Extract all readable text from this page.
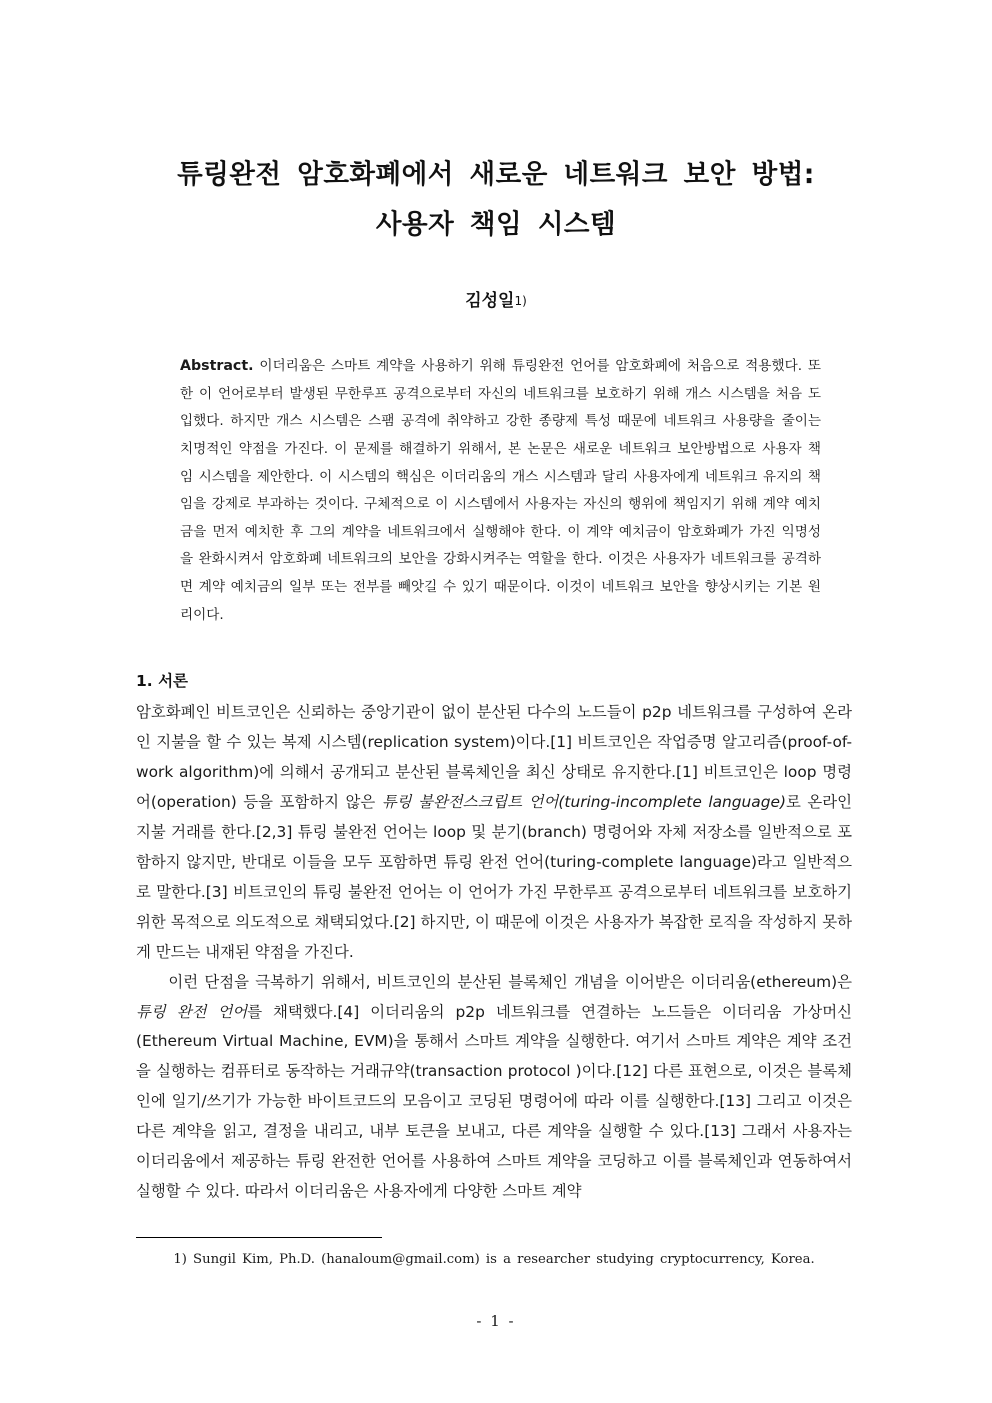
튜링완전 암호화폐에서 새로운 네트워크 보안 방법:
사용자 책임 시스템
김성일1)
Abstract. 이더리움은 스마트 계약을 사용하기 위해 튜링완전 언어를 암호화폐에 처음으로 적용했다. 또한 이 언어로부터 발생된 무한루프 공격으로부터 자신의 네트워크를 보호하기 위해 개스 시스템을 처음 도입했다. 하지만 개스 시스템은 스팸 공격에 취약하고 강한 종량제 특성 때문에 네트워크 사용량을 줄이는 치명적인 약점을 가진다. 이 문제를 해결하기 위해서, 본 논문은 새로운 네트워크 보안방법으로 사용자 책임 시스템을 제안한다. 이 시스템의 핵심은 이더리움의 개스 시스템과 달리 사용자에게 네트워크 유지의 책임을 강제로 부과하는 것이다. 구체적으로 이 시스템에서 사용자는 자신의 행위에 책임지기 위해 계약 예치금을 먼저 예치한 후 그의 계약을 네트워크에서 실행해야 한다. 이 계약 예치금이 암호화폐가 가진 익명성을 완화시켜서 암호화폐 네트워크의 보안을 강화시켜주는 역할을 한다. 이것은 사용자가 네트워크를 공격하면 계약 예치금의 일부 또는 전부를 빼앗길 수 있기 때문이다. 이것이 네트워크 보안을 향상시키는 기본 원리이다.
1. 서론

암호화폐인 비트코인은 신뢰하는 중앙기관이 없이 분산된 다수의 노드들이 p2p 네트워크를 구성하여 온라인 지불을 할 수 있는 복제 시스템(replication system)이다.[1] 비트코인은 작업증명 알고리즘(proof-of-work algorithm)에 의해서 공개되고 분산된 블록체인을 최신 상태로 유지한다.[1] 비트코인은 loop 명령어(operation) 등을 포함하지 않은 튜링 불완전스크립트 언어(turing-incomplete language)로 온라인 지불 거래를 한다.[2,3] 튜링 불완전 언어는 loop 및 분기(branch) 명령어와 자체 저장소를 일반적으로 포함하지 않지만, 반대로 이들을 모두 포함하면 튜링 완전 언어(turing-complete language)라고 일반적으로 말한다.[3] 비트코인의 튜링 불완전 언어는 이 언어가 가진 무한루프 공격으로부터 네트워크를 보호하기 위한 목적으로 의도적으로 채택되었다.[2] 하지만, 이 때문에 이것은 사용자가 복잡한 로직을 작성하지 못하게 만드는 내재된 약점을 가진다.

이런 단점을 극복하기 위해서, 비트코인의 분산된 블록체인 개념을 이어받은 이더리움(ethereum)은 튜링 완전 언어를 채택했다.[4] 이더리움의 p2p 네트워크를 연결하는 노드들은 이더리움 가상머신(Ethereum Virtual Machine, EVM)을 통해서 스마트 계약을 실행한다. 여기서 스마트 계약은 계약 조건을 실행하는 컴퓨터로 동작하는 거래규약(transaction protocol )이다.[12] 다른 표현으로, 이것은 블록체인에 일기/쓰기가 가능한 바이트코드의 모음이고 코딩된 명령어에 따라 이를 실행한다.[13] 그리고 이것은 다른 계약을 읽고, 결정을 내리고, 내부 토큰을 보내고, 다른 계약을 실행할 수 있다.[13] 그래서 사용자는 이더리움에서 제공하는 튜링 완전한 언어를 사용하여 스마트 계약을 코딩하고 이를 블록체인과 연동하여서 실행할 수 있다. 따라서 이더리움은 사용자에게 다양한 스마트 계약

1) Sungil Kim, Ph.D. (hanaloum@gmail.com) is a researcher studying cryptocurrency, Korea.
- 1 -
